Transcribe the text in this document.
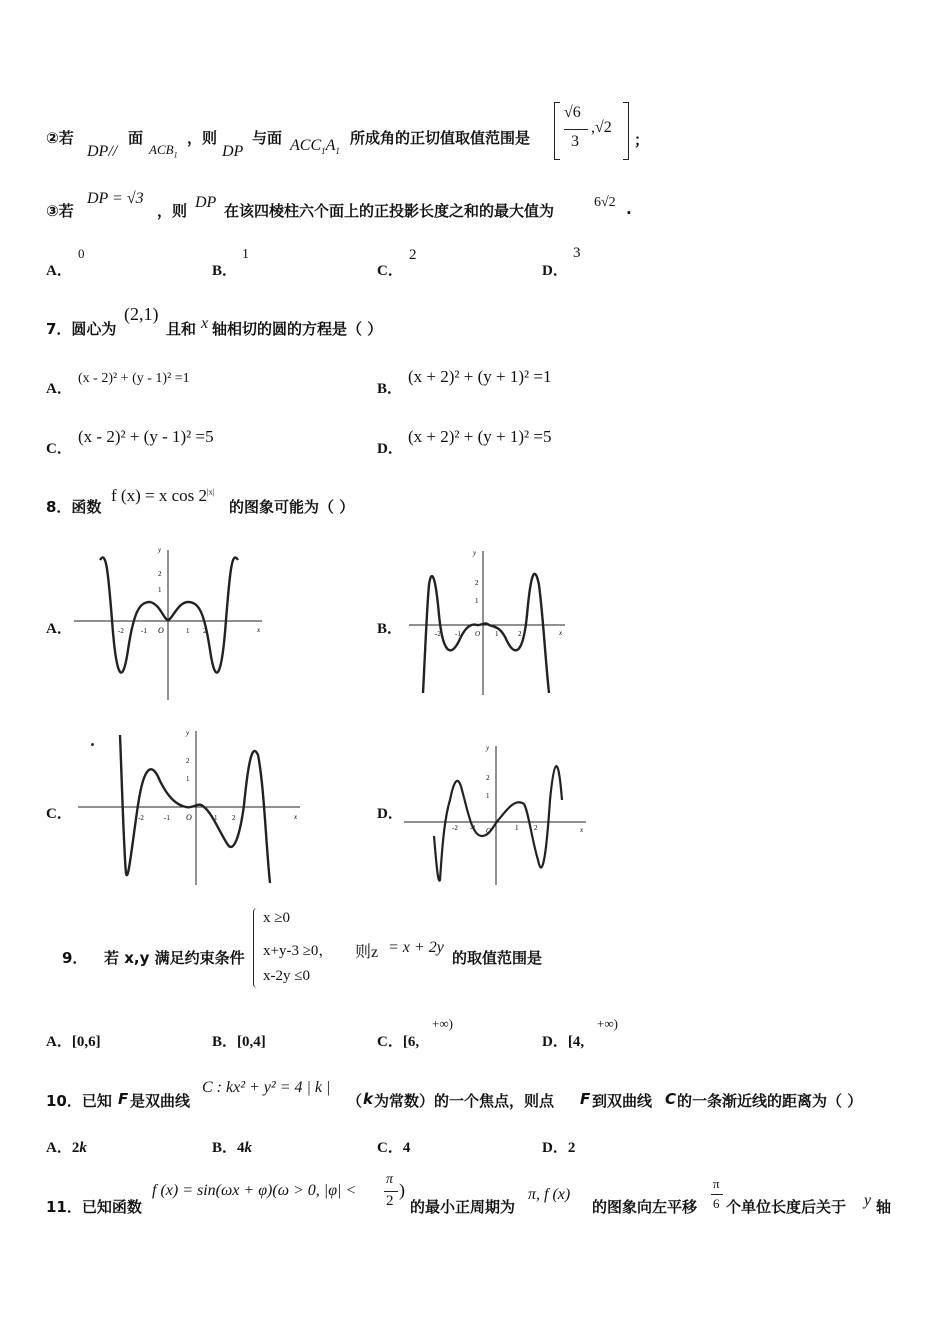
②若
DP//
面
$ACB_1$
，则
DP
与面 $ACC_1A_1$
所成角的正切值取值范围是
√6
3
,√2
；
③若
DP = √3
，则 DP 在该四棱柱六个面上的正投影长度之和的最大值为	6√2 .
A．
0
B．
1
C．
2
D．
3
7．圆心为
(2,1)
且和 x 轴相切的圆的方程是（ ）
A．
(x - 2)² + (y - 1)² =1
B．
(x + 2)² + (y + 1)² =1
C．
(x - 2)² + (y - 1)² =5
D．
(x + 2)² + (y + 1)² =5
8．函数
f (x) = x $\cos 2^{|x|}$
的图象可能为（ ）
A．	B．
C．	D．
y
x
O
-2 -1	1 2
2
1
y
x
O
-2 -1	1	2
2
1
y
x
O
-2	-1	1 2
2
1
y
x
O
-2 -1	1 2
2
1
9． 若 x,y 满足约束条件
x ≥0
x+y-3 ≥0，
x-2y ≤0
则z = x + 2y
的取值范围是
A．[0,6]	B．[0,4]	C．[6,
+∞)
D．[4,
+∞)
10．已知 F 是双曲线
C : kx² + y² = 4 | k |
（ k 为常数）的一个焦点，则点 F 到双曲线 C 的一条渐近线的距离为（ ）
A．2k	B．4k	C．4	D．2
11．已知函数
f (x) = sin(ωx + φ)(ω > 0, |φ| <
π
2
)
的最小正周期为
π, f (x)
的图象向左平移
π
6 个单位长度后关于 y 轴
